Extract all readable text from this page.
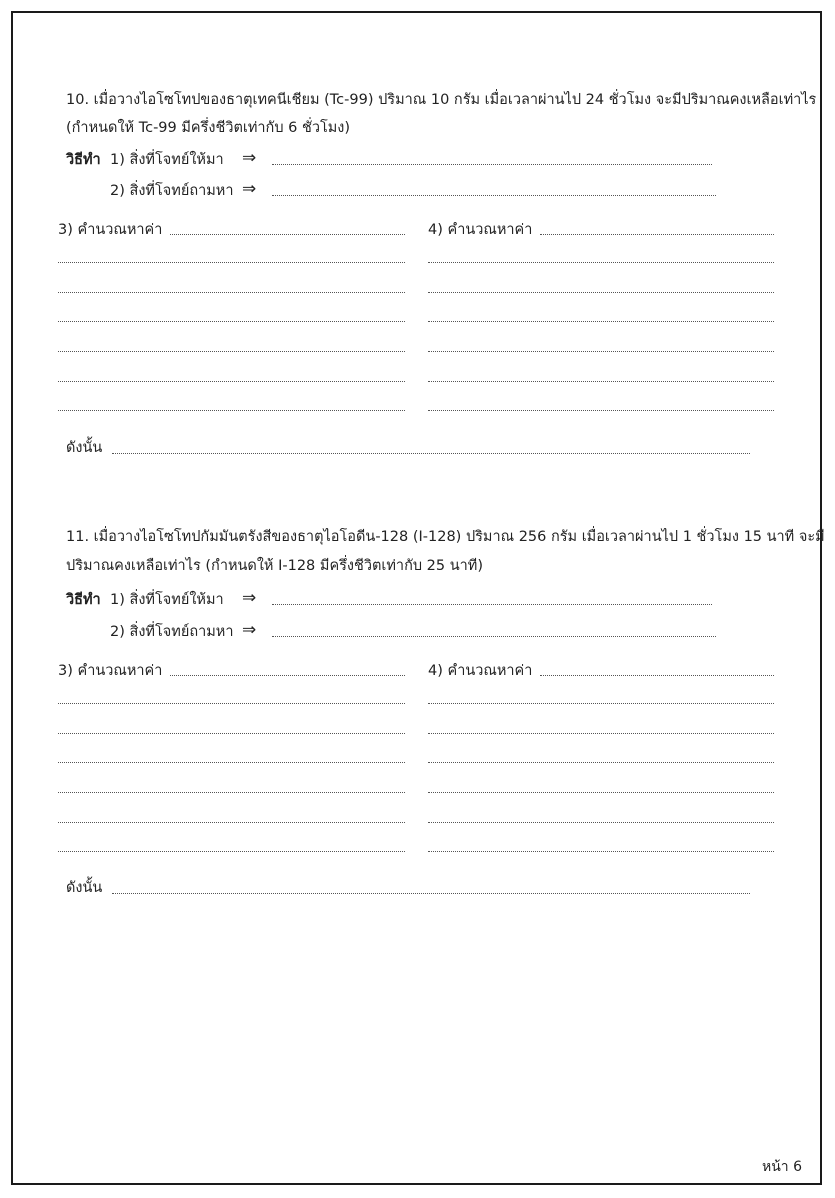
10. เมื่อวางไอโซโทปของธาตุเทคนีเชียม (Tc-99) ปริมาณ 10 กรัม เมื่อเวลาผ่านไป 24 ชั่วโมง จะมีปริมาณคงเหลือเท่าไร
(กำหนดให้ Tc-99 มีครึ่งชีวิตเท่ากับ 6 ชั่วโมง)
วิธีทำ 1) สิ่งที่โจทย์ให้มา ⇒
2) สิ่งที่โจทย์ถามหา ⇒
3) คำนวณหาค่า	4) คำนวณหาค่า
ดังนั้น
11. เมื่อวางไอโซโทปกัมมันตรังสีของธาตุไอโอดีน-128 (I-128) ปริมาณ 256 กรัม เมื่อเวลาผ่านไป 1 ชั่วโมง 15 นาที จะมี
ปริมาณคงเหลือเท่าไร (กำหนดให้ I-128 มีครึ่งชีวิตเท่ากับ 25 นาที)
วิธีทำ 1) สิ่งที่โจทย์ให้มา ⇒
2) สิ่งที่โจทย์ถามหา ⇒
3) คำนวณหาค่า	4) คำนวณหาค่า
ดังนั้น
หน้า 6
